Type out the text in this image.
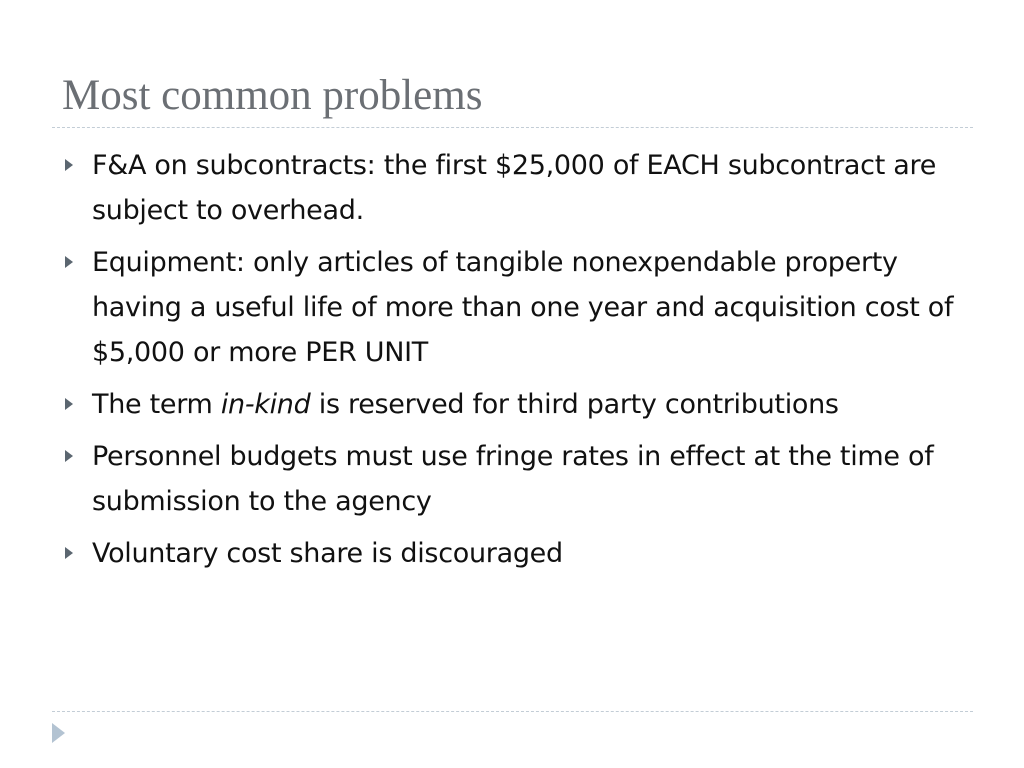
Most common problems
F&A on subcontracts: the first $25,000 of EACH subcontract are subject to overhead.
Equipment: only articles of tangible nonexpendable property having a useful life of more than one year and acquisition cost of $5,000 or more PER UNIT
The term in-kind is reserved for third party contributions
Personnel budgets must use fringe rates in effect at the time of submission to the agency
Voluntary cost share is discouraged
